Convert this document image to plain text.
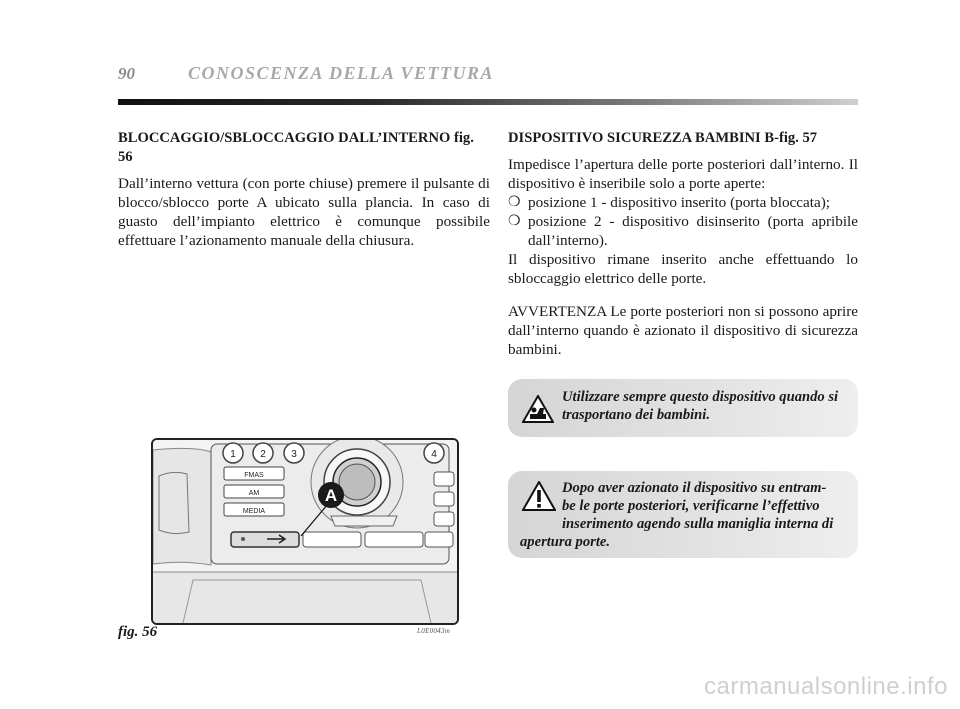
90	CONOSCENZA DELLA VETTURA
BLOCCAGGIO/SBLOCCAGGIO DALL’INTERNO fig. 56

Dall’interno vettura (con porte chiuse) premere il pulsante di blocco/sblocco porte A ubicato sulla plancia. In caso di guasto dell’impianto elettrico è comunque possibile effettuare l’azionamento manuale della chiusura.

DISPOSITIVO SICUREZZA BAMBINI B-fig. 57

Impedisce l’apertura delle porte posteriori dall’interno. Il dispositivo è inseribile solo a porte aperte:

❍ posizione 1 - dispositivo inserito (porta bloccata);
❍ posizione 2 - dispositivo disinserito (porta apribile dall’interno).

Il dispositivo rimane inserito anche effettuando lo sbloccaggio elettrico delle porte.

AVVERTENZA Le porte posteriori non si possono aprire dall’interno quando è azionato il dispositivo di sicurezza bambini.

Utilizzare sempre questo dispositivo quando si trasportano dei bambini.
Dopo aver azionato il dispositivo su entram-
be le porte posteriori, verificarne l’effettivo
inserimento agendo sulla maniglia interna di
apertura porte.
1 2	3	4
FMAS
AM
MEDIA
A
fig. 56	L0E0043m
carmanualsonline.info
